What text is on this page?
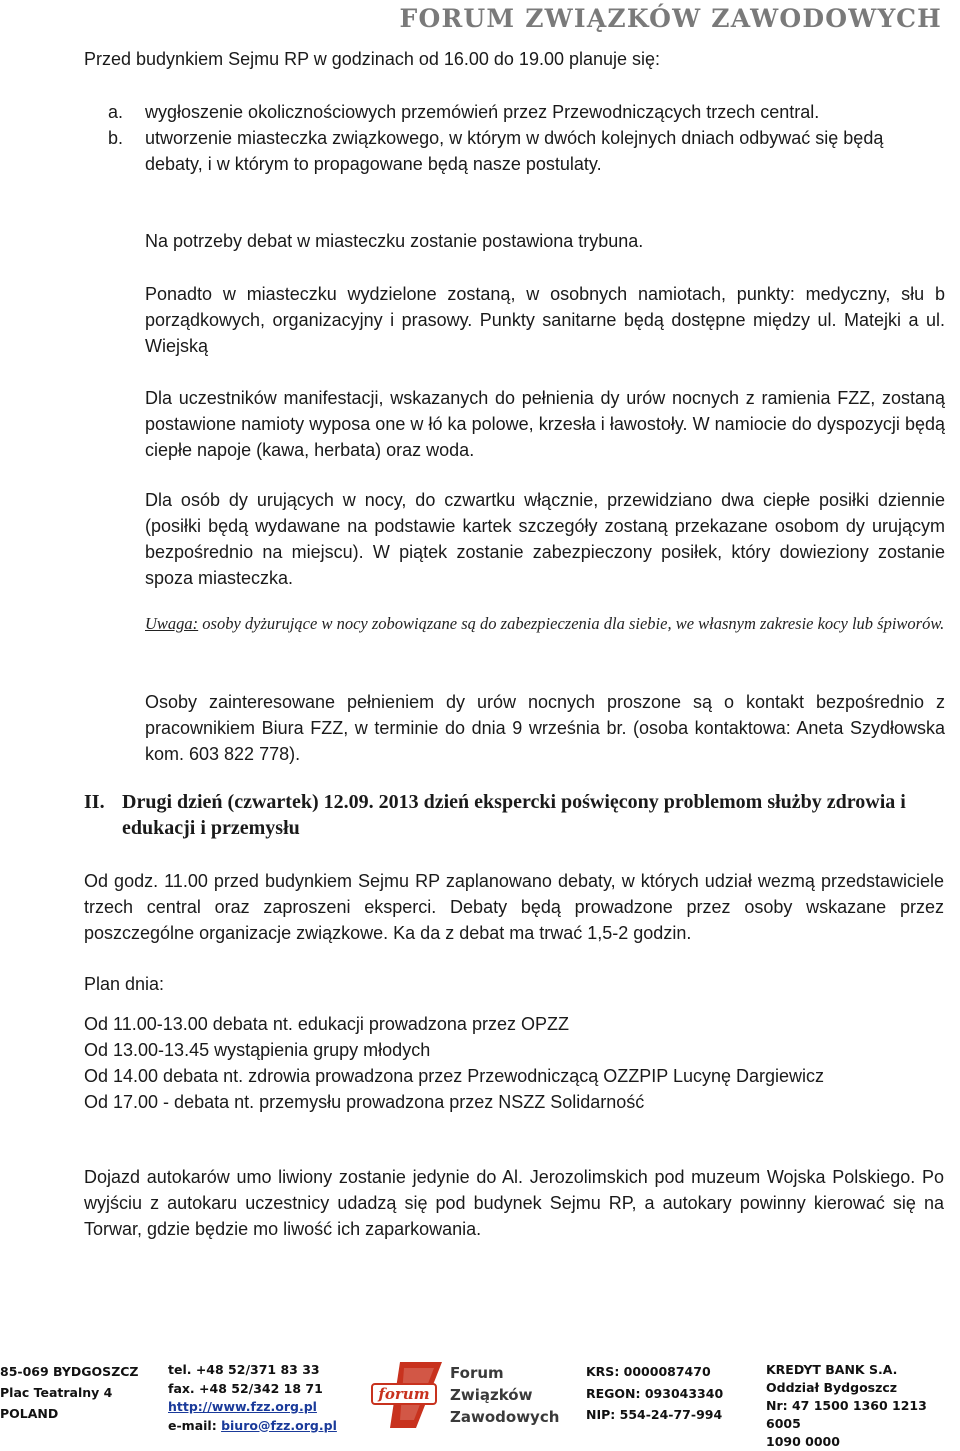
FORUM ZWIĄZKÓW ZAWODOWYCH
Przed budynkiem Sejmu RP w godzinach od 16.00 do 19.00 planuje się:
a. wygłoszenie okolicznościowych przemówień przez Przewodniczących trzech central.
b. utworzenie miasteczka związkowego, w którym w dwóch kolejnych dniach odbywać się będą debaty, i w którym to propagowane będą nasze postulaty.
Na potrzeby debat w miasteczku zostanie postawiona trybuna.
Ponadto w miasteczku wydzielone zostaną, w osobnych namiotach, punkty: medyczny, słu b porządkowych, organizacyjny i prasowy. Punkty sanitarne będą dostępne między ul. Matejki a ul. Wiejską
Dla uczestników manifestacji, wskazanych do pełnienia dy urów nocnych z ramienia FZZ, zostaną postawione namioty wyposa one w łó ka polowe, krzesła i ławostoły. W namiocie do dyspozycji będą ciepłe napoje (kawa, herbata) oraz woda.
Dla osób dy urujących w nocy, do czwartku włącznie, przewidziano dwa ciepłe posiłki dziennie (posiłki będą wydawane na podstawie kartek szczegóły zostaną przekazane osobom dy urującym bezpośrednio na miejscu). W piątek zostanie zabezpieczony posiłek, który dowieziony zostanie spoza miasteczka.
Uwaga: osoby dyżurujące w nocy zobowiązane są do zabezpieczenia dla siebie, we własnym zakresie kocy lub śpiworów.
Osoby zainteresowane pełnieniem dy urów nocnych proszone są o kontakt bezpośrednio z pracownikiem Biura FZZ, w terminie do dnia 9 września br. (osoba kontaktowa: Aneta Szydłowska kom. 603 822 778).
II. Drugi dzień (czwartek) 12.09. 2013 dzień ekspercki poświęcony problemom służby zdrowia i edukacji i przemysłu
Od godz. 11.00 przed budynkiem Sejmu RP zaplanowano debaty, w których udział wezmą przedstawiciele trzech central oraz zaproszeni eksperci. Debaty będą prowadzone przez osoby wskazane przez poszczególne organizacje związkowe. Ka da z debat ma trwać 1,5-2 godzin.
Plan dnia:
Od 11.00-13.00 debata nt. edukacji prowadzona przez OPZZ
Od 13.00-13.45 wystąpienia grupy młodych
Od 14.00 debata nt. zdrowia prowadzona przez Przewodniczącą OZZPIP Lucynę Dargiewicz
Od 17.00 - debata nt. przemysłu prowadzona przez NSZZ Solidarność
Dojazd autokarów umo liwiony zostanie jedynie do Al. Jerozolimskich pod muzeum Wojska Polskiego. Po wyjściu z autokaru uczestnicy udadzą się pod budynek Sejmu RP, a autokary powinny kierować się na Torwar, gdzie będzie mo liwość ich zaparkowania.
85-069 BYDGOSZCZ
Plac Teatralny 4
POLAND
tel. +48 52/371 83 33
fax. +48 52/342 18 71
http://www.fzz.org.pl
e-mail: biuro@fzz.org.pl
forum
Forum
Związków
Zawodowych
KRS: 0000087470
REGON: 093043340
NIP: 554-24-77-994
KREDYT BANK S.A.
Oddział Bydgoszcz
Nr: 47 1500 1360 1213 6005
1090 0000
